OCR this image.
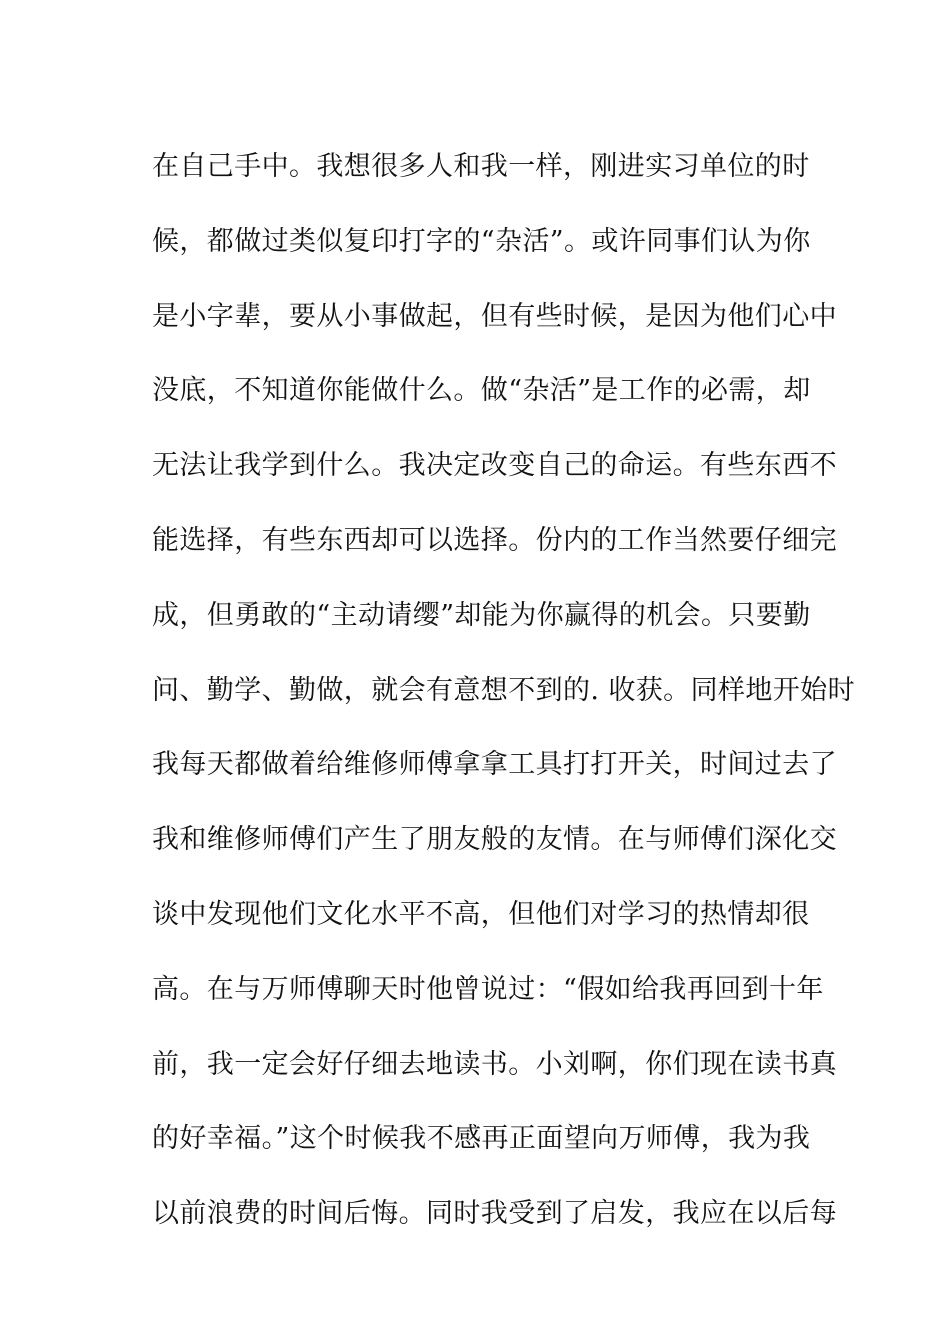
在自己手中。我想很多人和我一样，刚进实习单位的时
候，都做过类似复印打字的“杂活”。或许同事们认为你
是小字辈，要从小事做起，但有些时候，是因为他们心中
没底，不知道你能做什么。做“杂活”是工作的必需，却
无法让我学到什么。我决定改变自己的命运。有些东西不
能选择，有些东西却可以选择。份内的工作当然要仔细完
成，但勇敢的“主动请缨”却能为你赢得的机会。只要勤
问、勤学、勤做，就会有意想不到的. 收获。同样地开始时
我每天都做着给维修师傅拿拿工具打打开关，时间过去了
我和维修师傅们产生了朋友般的友情。在与师傅们深化交
谈中发现他们文化水平不高，但他们对学习的热情却很
高。在与万师傅聊天时他曾说过：“假如给我再回到十年
前，我一定会好仔细去地读书。小刘啊，你们现在读书真
的好幸福。”这个时候我不感再正面望向万师傅，我为我
以前浪费的时间后悔。同时我受到了启发，我应在以后每
